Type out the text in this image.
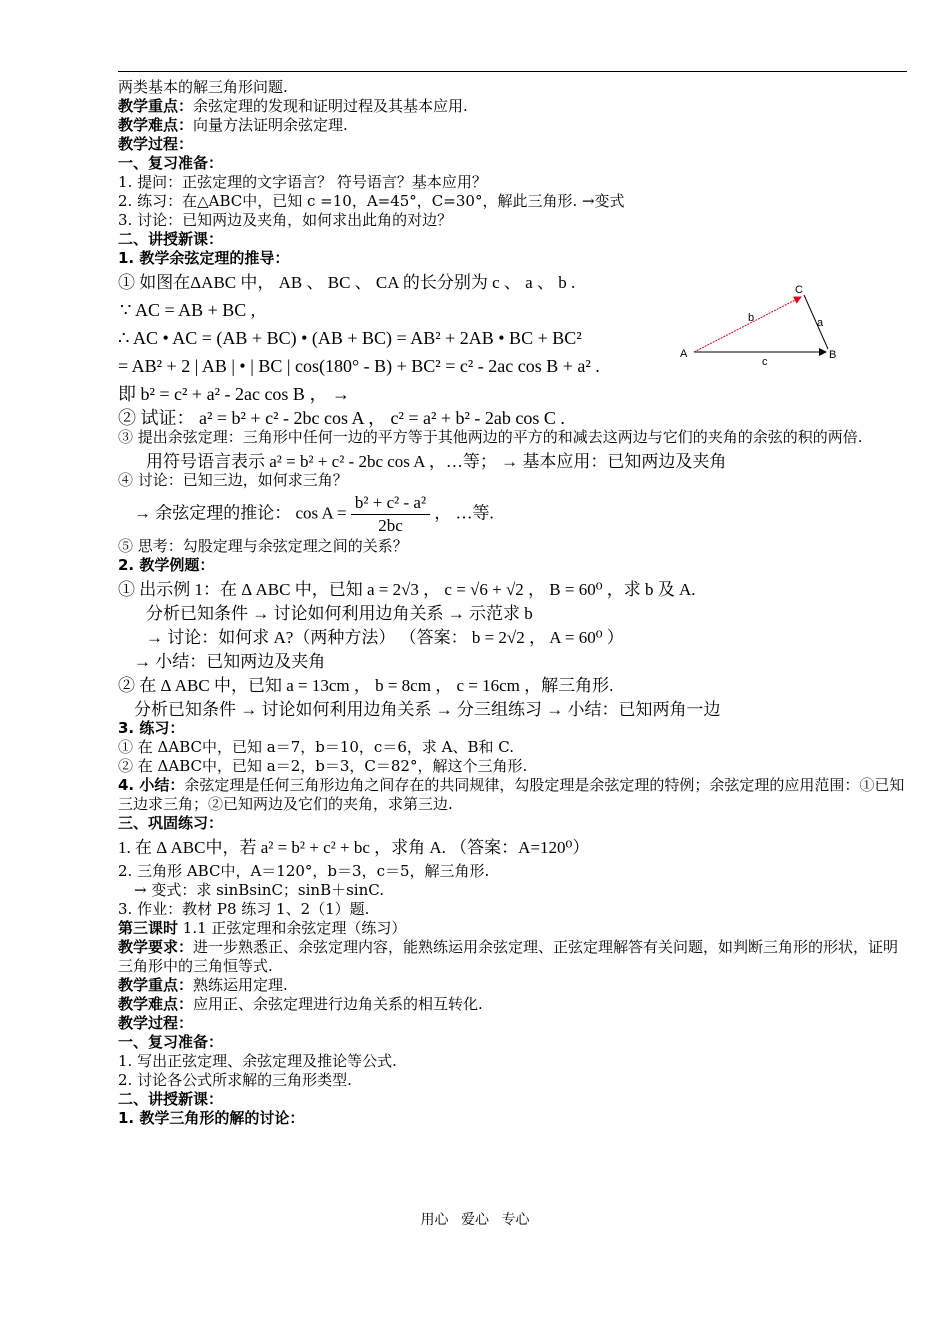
两类基本的解三角形问题.

教学重点：余弦定理的发现和证明过程及其基本应用.

教学难点：向量方法证明余弦定理.

教学过程：

一、复习准备：

1. 提问：正弦定理的文字语言？ 符号语言？基本应用？

2. 练习：在△ABC中，已知 c =10，A=45°，C=30°，解此三角形. →变式

3. 讨论：已知两边及夹角，如何求出此角的对边？

二、讲授新课：

1. 教学余弦定理的推导：

① 如图在ΔABC 中， AB 、 BC 、 CA 的长分别为 c 、 a 、 b .

∵ AC = AB + BC ,

∴ AC • AC = (AB + BC) • (AB + BC) = AB² + 2AB • BC + BC²

= AB² + 2 | AB | • | BC | cos(180° - B) + BC² = c² - 2ac cos B + a² .

即 b² = c² + a² - 2ac cos B ， →

② 试证： a² = b² + c² - 2bc cos A ， c² = a² + b² - 2ab cos C .

③ 提出余弦定理：三角形中任何一边的平方等于其他两边的平方的和减去这两边与它们的夹角的余弦的积的两倍.

用符号语言表示 a² = b² + c² - 2bc cos A ，…等； → 基本应用：已知两边及夹角

④ 讨论：已知三边，如何求三角？

→ 余弦定理的推论： $\cos A = \frac{\text{b² + c² - a²}}{2bc}$ ， …等.

⑤ 思考：勾股定理与余弦定理之间的关系？

2. 教学例题：

① 出示例 1：在 Δ ABC 中，已知 a = 2√3 ， c = √6 + √2 ， B = 60⁰ ，求 b 及 A.

分析已知条件 → 讨论如何利用边角关系 → 示范求 b

→ 讨论：如何求 A?（两种方法） （答案： b = 2√2 ， A = 60⁰ ）

→ 小结：已知两边及夹角

② 在 Δ ABC 中，已知 a = 13cm ， b = 8cm ， c = 16cm ，解三角形.

分析已知条件 → 讨论如何利用边角关系 → 分三组练习 → 小结：已知两角一边

3. 练习：

① 在 ΔABC中，已知 a＝7，b＝10，c＝6，求 A、B和 C.

② 在 ΔABC中，已知 a＝2，b＝3，C＝82°，解这个三角形.

4. 小结：余弦定理是任何三角形边角之间存在的共同规律，勾股定理是余弦定理的特例；余弦定理的应用范围：①已知三边求三角；②已知两边及它们的夹角，求第三边.

三、巩固练习：

1. 在 Δ ABC中，若 a² = b² + c² + bc ，求角 A. （答案：A=120⁰）

2. 三角形 ABC中，A＝120°，b＝3，c＝5，解三角形.

→ 变式：求 sinBsinC；sinB＋sinC.

3. 作业：教材 P8 练习 1、2（1）题.

第三课时 1.1 正弦定理和余弦定理（练习）

教学要求：进一步熟悉正、余弦定理内容，能熟练运用余弦定理、正弦定理解答有关问题，如判断三角形的形状，证明三角形中的三角恒等式.

教学重点：熟练运用定理.

教学难点：应用正、余弦定理进行边角关系的相互转化.

教学过程：

一、复习准备：

1. 写出正弦定理、余弦定理及推论等公式.

2. 讨论各公式所求解的三角形类型.

二、讲授新课：

1. 教学三角形的解的讨论：

A	B
C
b	a
c
用心 爱心 专心
